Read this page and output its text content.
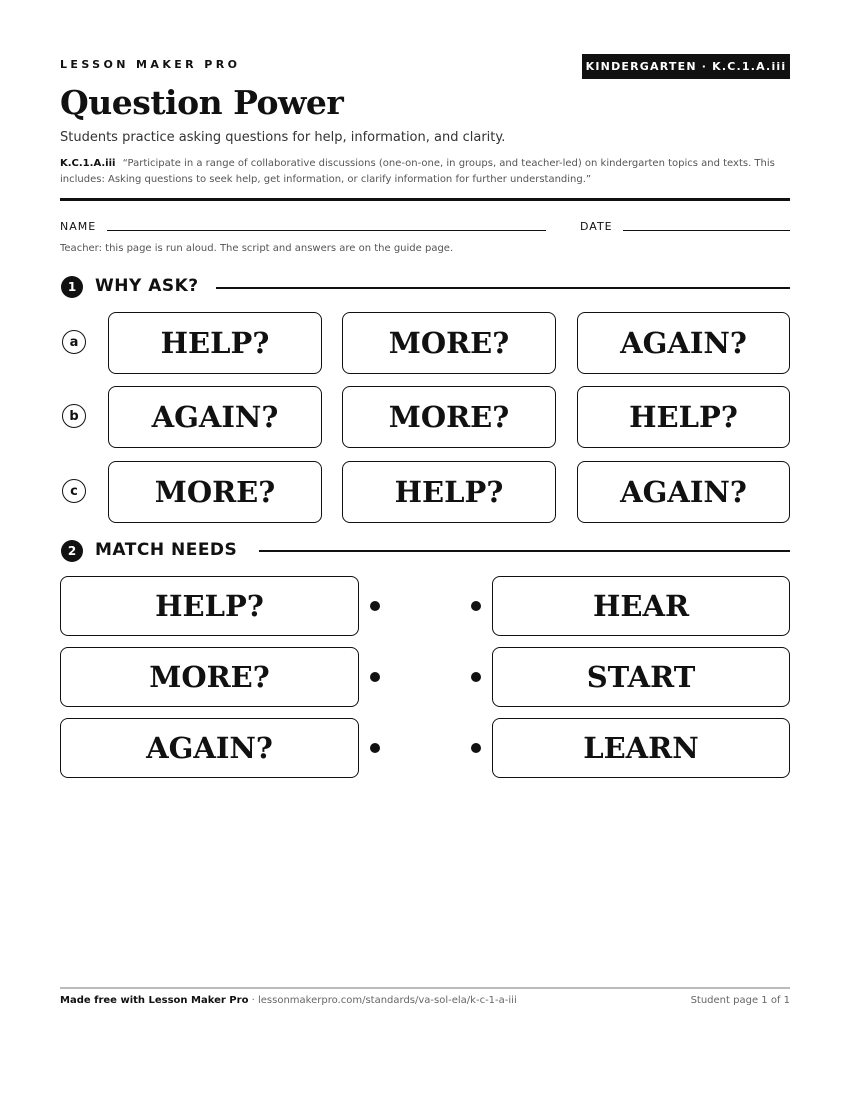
LESSON MAKER PRO	KINDERGARTEN · K.C.1.A.iii
Question Power
Students practice asking questions for help, information, and clarity.
K.C.1.A.iii “Participate in a range of collaborative discussions (one-on-one, in groups, and teacher-led) on kindergarten topics and texts. This includes: Asking questions to seek help, get information, or clarify information for further understanding.”
NAME	DATE
Teacher: this page is run aloud. The script and answers are on the guide page.
1	WHY ASK?
a	HELP?	MORE?	AGAIN?
b	AGAIN?	MORE?	HELP?
c	MORE?	HELP?	AGAIN?
2	MATCH NEEDS
HELP?	HEAR
MORE?	START
AGAIN?	LEARN
Made free with Lesson Maker Pro · lessonmakerpro.com/standards/va-sol-ela/k-c-1-a-iii	Student page 1 of 1
